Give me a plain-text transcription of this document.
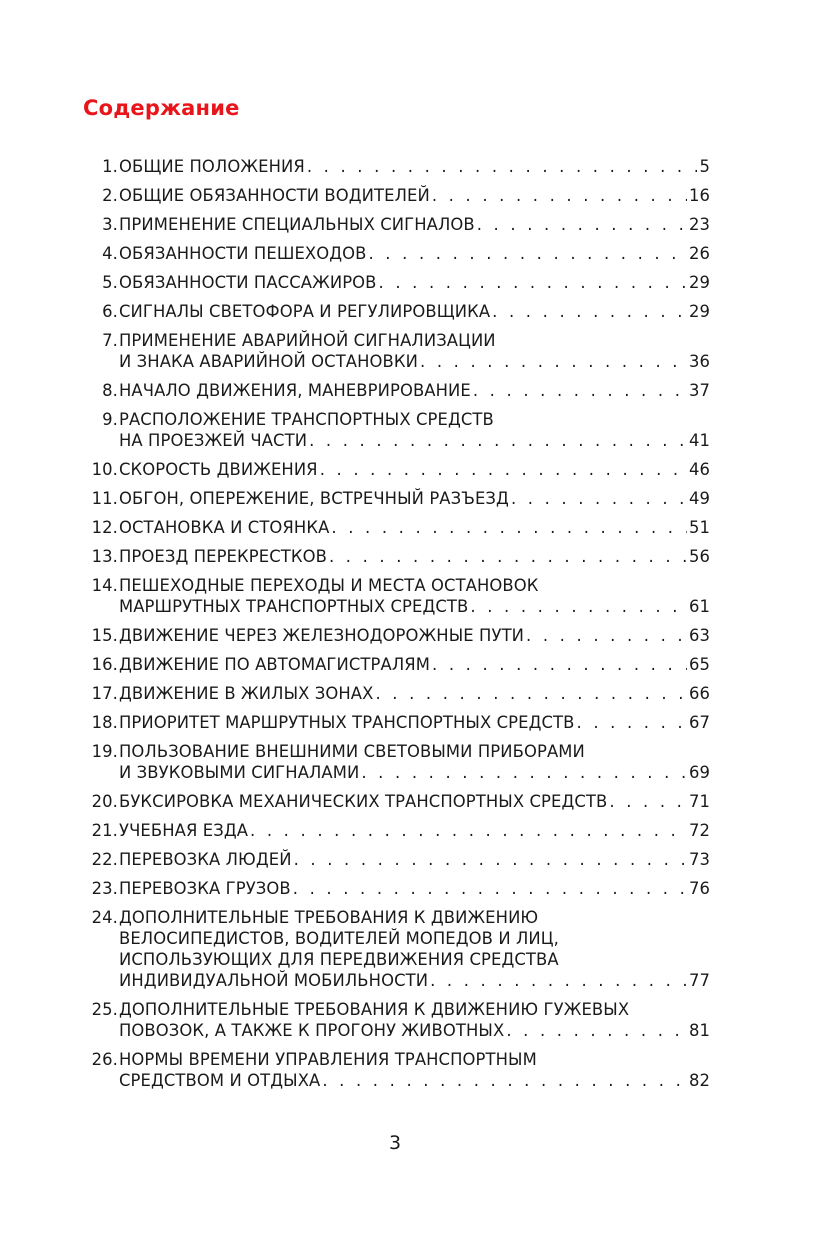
Содержание
1. ОБЩИЕ ПОЛОЖЕНИЯ . . .	5
2. ОБЩИЕ ОБЯЗАННОСТИ ВОДИТЕЛЕЙ . . .	16
3. ПРИМЕНЕНИЕ СПЕЦИАЛЬНЫХ СИГНАЛОВ . . .	23
4. ОБЯЗАННОСТИ ПЕШЕХОДОВ . . .	26
5. ОБЯЗАННОСТИ ПАССАЖИРОВ . . .	29
6. СИГНАЛЫ СВЕТОФОРА И РЕГУЛИРОВЩИКА . . .	29
7. ПРИМЕНЕНИЕ АВАРИЙНОЙ СИГНАЛИЗАЦИИ
И ЗНАКА АВАРИЙНОЙ ОСТАНОВКИ . . .	36
8. НАЧАЛО ДВИЖЕНИЯ, МАНЕВРИРОВАНИЕ . . .	37
9. РАСПОЛОЖЕНИЕ ТРАНСПОРТНЫХ СРЕДСТВ
НА ПРОЕЗЖЕЙ ЧАСТИ . . .	41
10. СКОРОСТЬ ДВИЖЕНИЯ . . .	46
11. ОБГОН, ОПЕРЕЖЕНИЕ, ВСТРЕЧНЫЙ РАЗЪЕЗД . . .	49
12. ОСТАНОВКА И СТОЯНКА . . .	51
13. ПРОЕЗД ПЕРЕКРЕСТКОВ . . .	56
14. ПЕШЕХОДНЫЕ ПЕРЕХОДЫ И МЕСТА ОСТАНОВОК
МАРШРУТНЫХ ТРАНСПОРТНЫХ СРЕДСТВ . . .	61
15. ДВИЖЕНИЕ ЧЕРЕЗ ЖЕЛЕЗНОДОРОЖНЫЕ ПУТИ . . .	63
16. ДВИЖЕНИЕ ПО АВТОМАГИСТРАЛЯМ . . .	65
17. ДВИЖЕНИЕ В ЖИЛЫХ ЗОНАХ . . .	66
18. ПРИОРИТЕТ МАРШРУТНЫХ ТРАНСПОРТНЫХ СРЕДСТВ . . .	67
19. ПОЛЬЗОВАНИЕ ВНЕШНИМИ СВЕТОВЫМИ ПРИБОРАМИ
И ЗВУКОВЫМИ СИГНАЛАМИ . . .	69
20. БУКСИРОВКА МЕХАНИЧЕСКИХ ТРАНСПОРТНЫХ СРЕДСТВ . . .	71
21. УЧЕБНАЯ ЕЗДА . . .	72
22. ПЕРЕВОЗКА ЛЮДЕЙ . . .	73
23. ПЕРЕВОЗКА ГРУЗОВ . . .	76
24. ДОПОЛНИТЕЛЬНЫЕ ТРЕБОВАНИЯ К ДВИЖЕНИЮ
ВЕЛОСИПЕДИСТОВ, ВОДИТЕЛЕЙ МОПЕДОВ И ЛИЦ,
ИСПОЛЬЗУЮЩИХ ДЛЯ ПЕРЕДВИЖЕНИЯ СРЕДСТВА
ИНДИВИДУАЛЬНОЙ МОБИЛЬНОСТИ . . .	77
25. ДОПОЛНИТЕЛЬНЫЕ ТРЕБОВАНИЯ К ДВИЖЕНИЮ ГУЖЕВЫХ
ПОВОЗОК, А ТАКЖЕ К ПРОГОНУ ЖИВОТНЫХ . . .	81
26. НОРМЫ ВРЕМЕНИ УПРАВЛЕНИЯ ТРАНСПОРТНЫМ
СРЕДСТВОМ И ОТДЫХА . . .	82
3
